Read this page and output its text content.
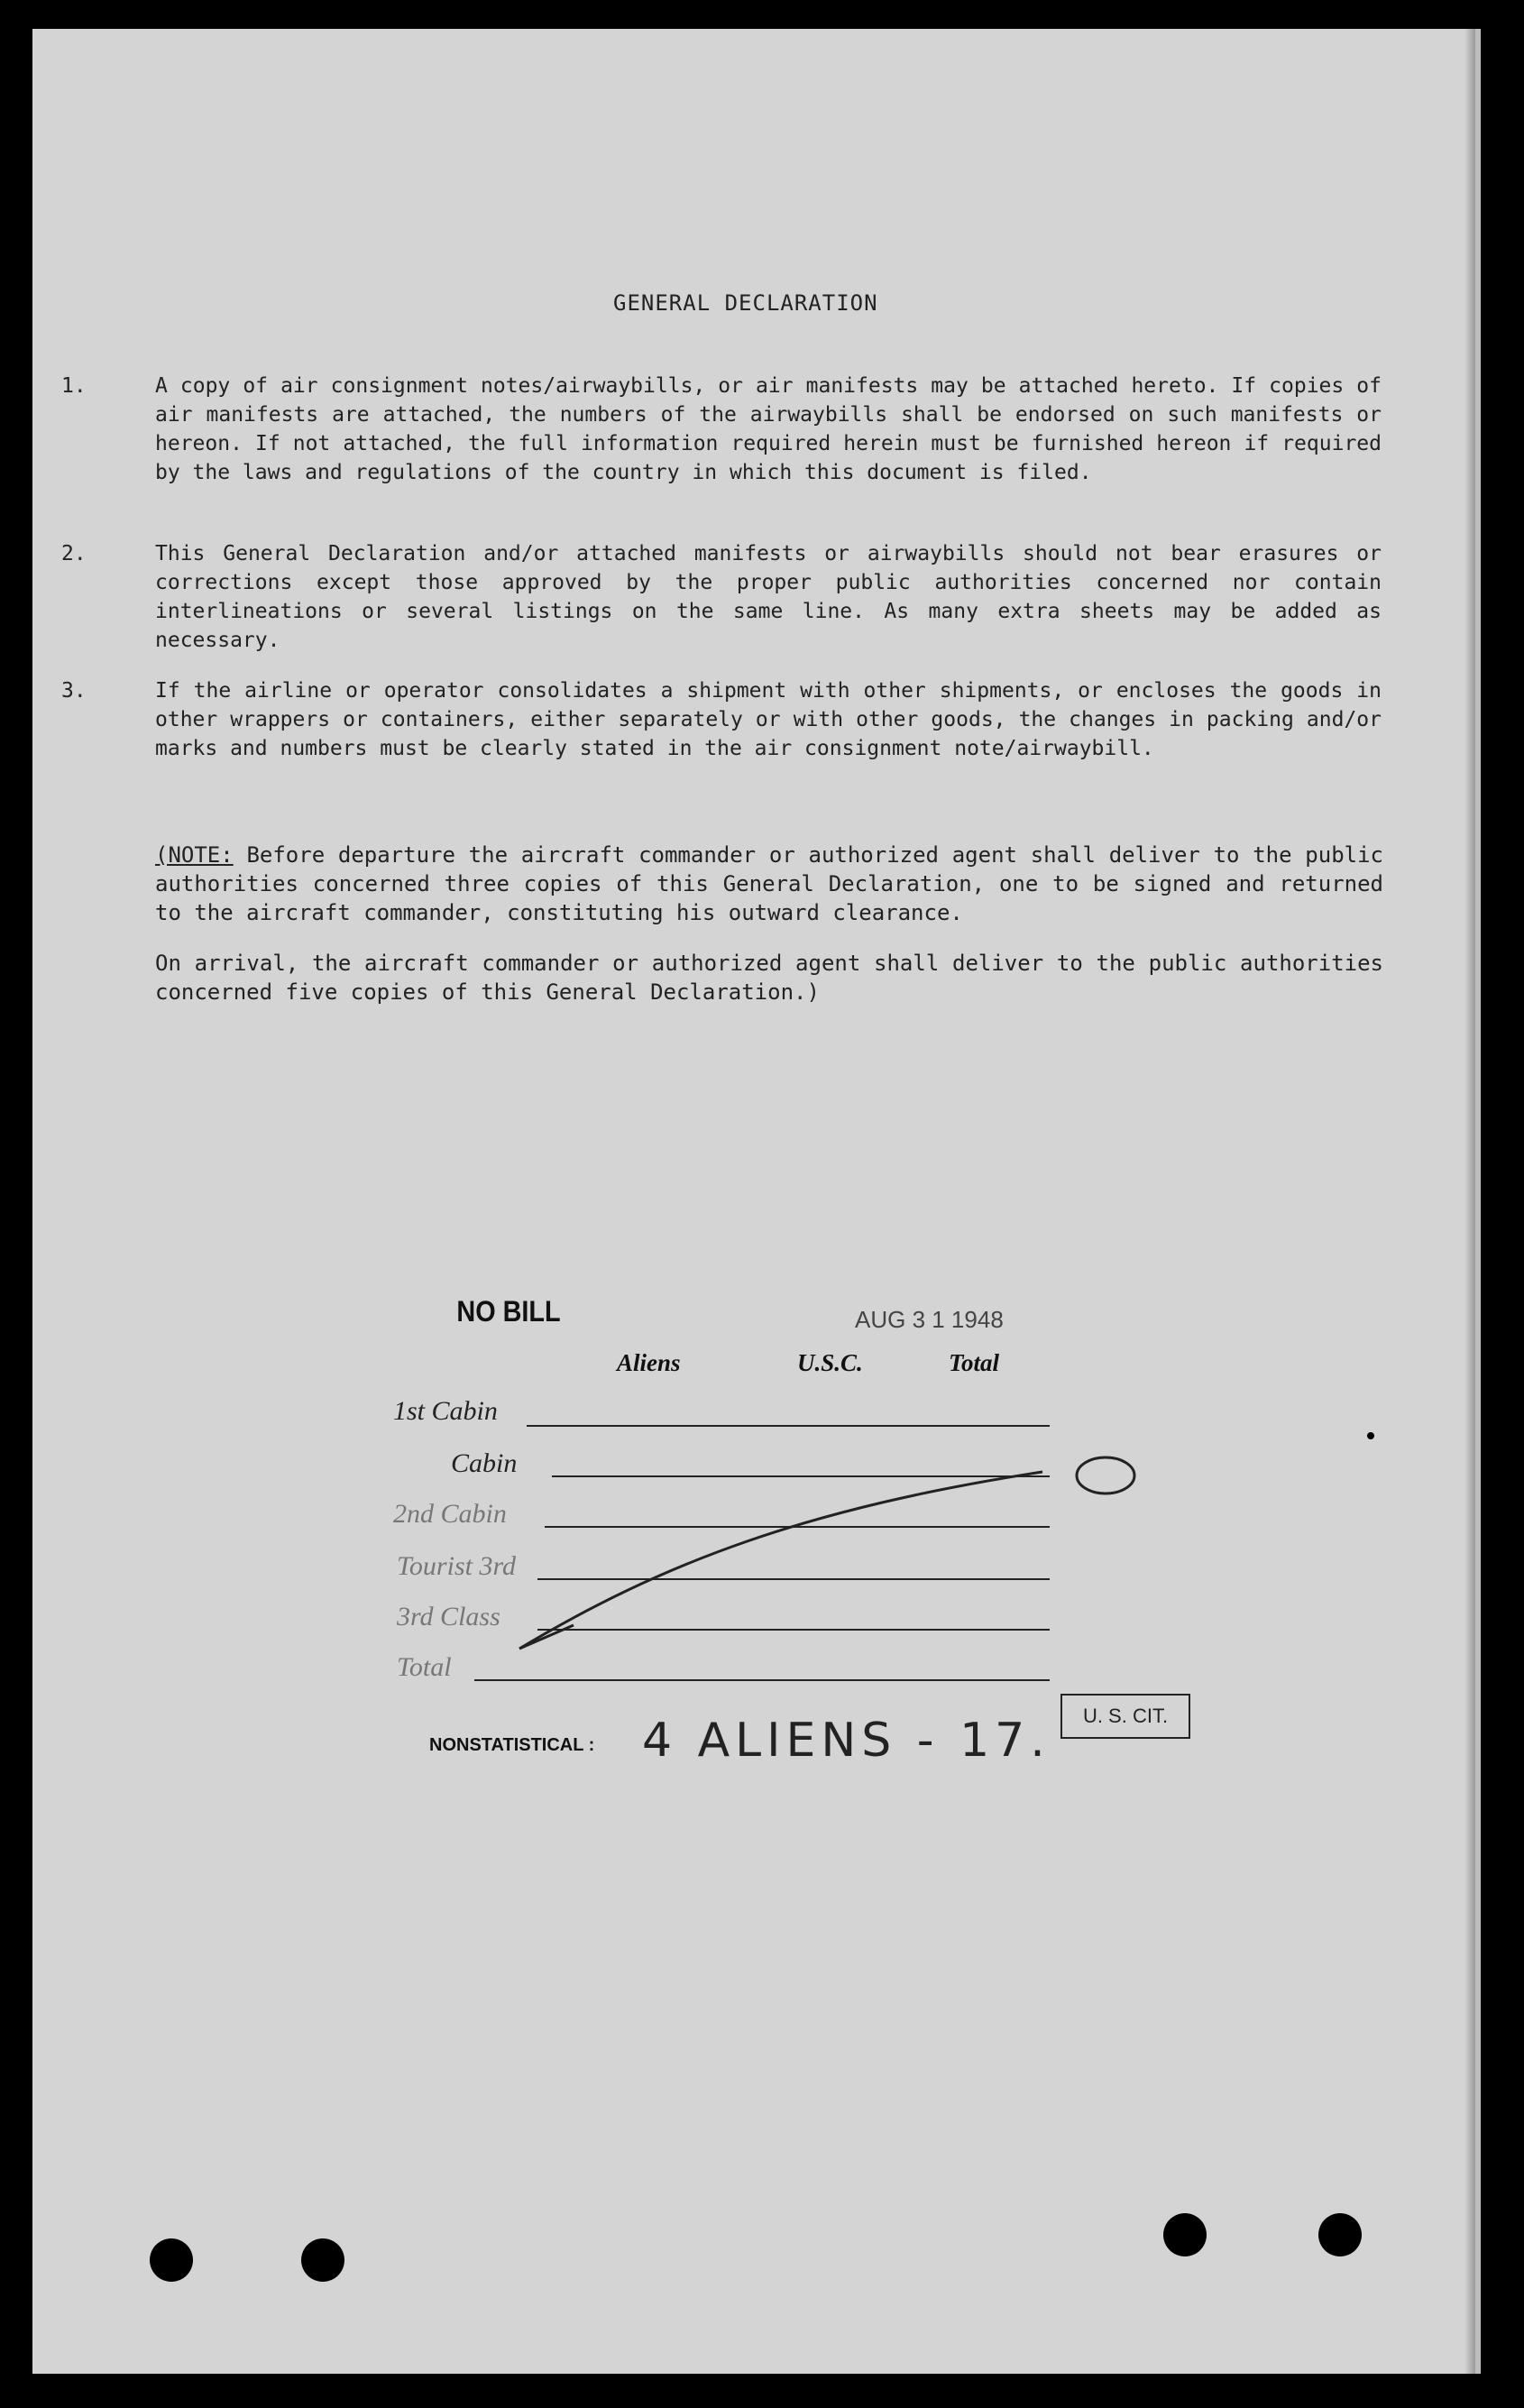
GENERAL DECLARATION
1.	A copy of air consignment notes/airwaybills, or air manifests may be attached hereto. If copies of air manifests are attached, the numbers of the airwaybills shall be endorsed on such manifests or hereon. If not attached, the full information required herein must be furnished hereon if required by the laws and regulations of the country in which this document is filed.
2.	This General Declaration and/or attached manifests or airwaybills should not bear erasures or corrections except those approved by the proper public authorities concerned nor contain interlineations or several listings on the same line. As many extra sheets may be added as necessary.
3.	If the airline or operator consolidates a shipment with other shipments, or encloses the goods in other wrappers or containers, either separately or with other goods, the changes in packing and/or marks and numbers must be clearly stated in the air consignment note/airwaybill.
(NOTE: Before departure the aircraft commander or authorized agent shall deliver to the public authorities concerned three copies of this General Declaration, one to be signed and returned to the aircraft commander, constituting his outward clearance.
On arrival, the aircraft commander or authorized agent shall deliver to the public authorities concerned five copies of this General Declaration.)

NO BILL	AUG 3 1 1948
Aliens	U.S.C.	Total
1st Cabin
Cabin
2nd Cabin
Tourist 3rd
3rd Class
Total
NONSTATISTICAL : 4 ALIENS - 17.	U. S. CIT.
